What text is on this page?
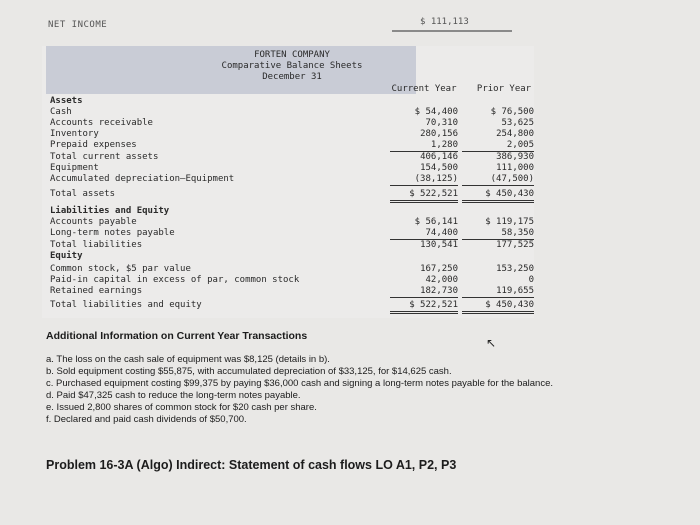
NET INCOME	$ 111,113
FORTEN COMPANY
Comparative Balance Sheets
December 31
Current Year	Prior Year
Assets
Cash	$ 54,400	$ 76,500
Accounts receivable	70,310	53,625
Inventory	280,156	254,800
Prepaid expenses	1,280	2,005
Total current assets	406,146	386,930
Equipment	154,500	111,000
Accumulated depreciation–Equipment	(38,125)	(47,500)
Total assets	$ 522,521	$ 450,430
Liabilities and Equity
Accounts payable	$ 56,141	$ 119,175
Long-term notes payable	74,400	58,350
Total liabilities	130,541	177,525
Equity
Common stock, $5 par value	167,250	153,250
Paid-in capital in excess of par, common stock	42,000	0
Retained earnings	182,730	119,655
Total liabilities and equity	$ 522,521	$ 450,430
Additional Information on Current Year Transactions
a. The loss on the cash sale of equipment was $8,125 (details in b).
b. Sold equipment costing $55,875, with accumulated depreciation of $33,125, for $14,625 cash.
c. Purchased equipment costing $99,375 by paying $36,000 cash and signing a long-term notes payable for the balance.
d. Paid $47,325 cash to reduce the long-term notes payable.
e. Issued 2,800 shares of common stock for $20 cash per share.
f. Declared and paid cash dividends of $50,700.
↖
Problem 16-3A (Algo) Indirect: Statement of cash flows LO A1, P2, P3
